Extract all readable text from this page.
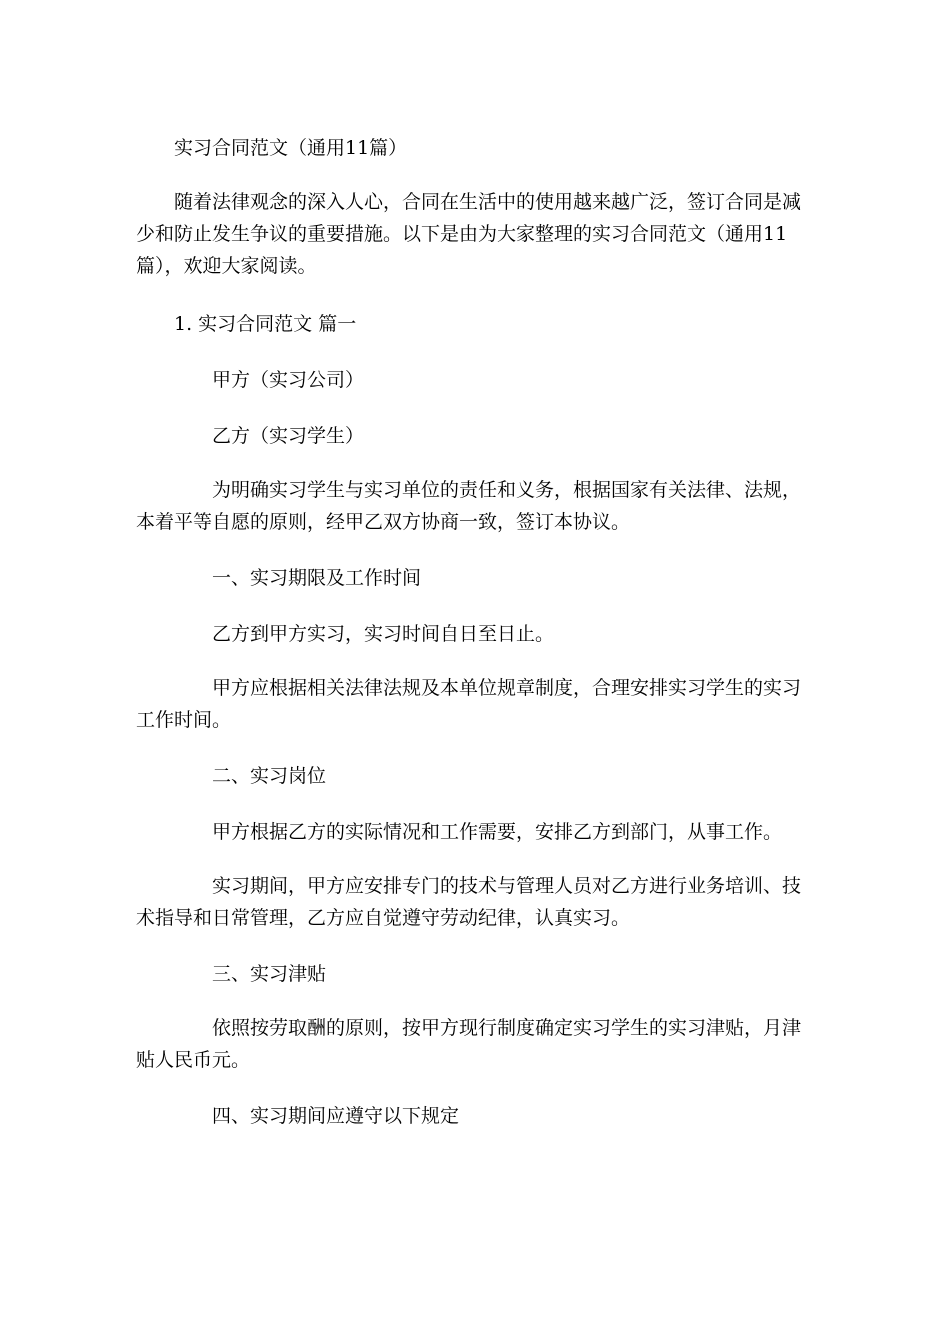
实习合同范文（通用11篇）

随着法律观念的深入人心，合同在生活中的使用越来越广泛，签订合同是减少和防止发生争议的重要措施。以下是由为大家整理的实习合同范文（通用11篇），欢迎大家阅读。

1. 实习合同范文 篇一

甲方（实习公司）

乙方（实习学生）

为明确实习学生与实习单位的责任和义务，根据国家有关法律、法规，本着平等自愿的原则，经甲乙双方协商一致，签订本协议。

一、实习期限及工作时间

乙方到甲方实习，实习时间自日至日止。

甲方应根据相关法律法规及本单位规章制度，合理安排实习学生的实习工作时间。

二、实习岗位

甲方根据乙方的实际情况和工作需要，安排乙方到部门，从事工作。

实习期间，甲方应安排专门的技术与管理人员对乙方进行业务培训、技术指导和日常管理，乙方应自觉遵守劳动纪律，认真实习。

三、实习津贴

依照按劳取酬的原则，按甲方现行制度确定实习学生的实习津贴，月津贴人民币元。

四、实习期间应遵守以下规定
